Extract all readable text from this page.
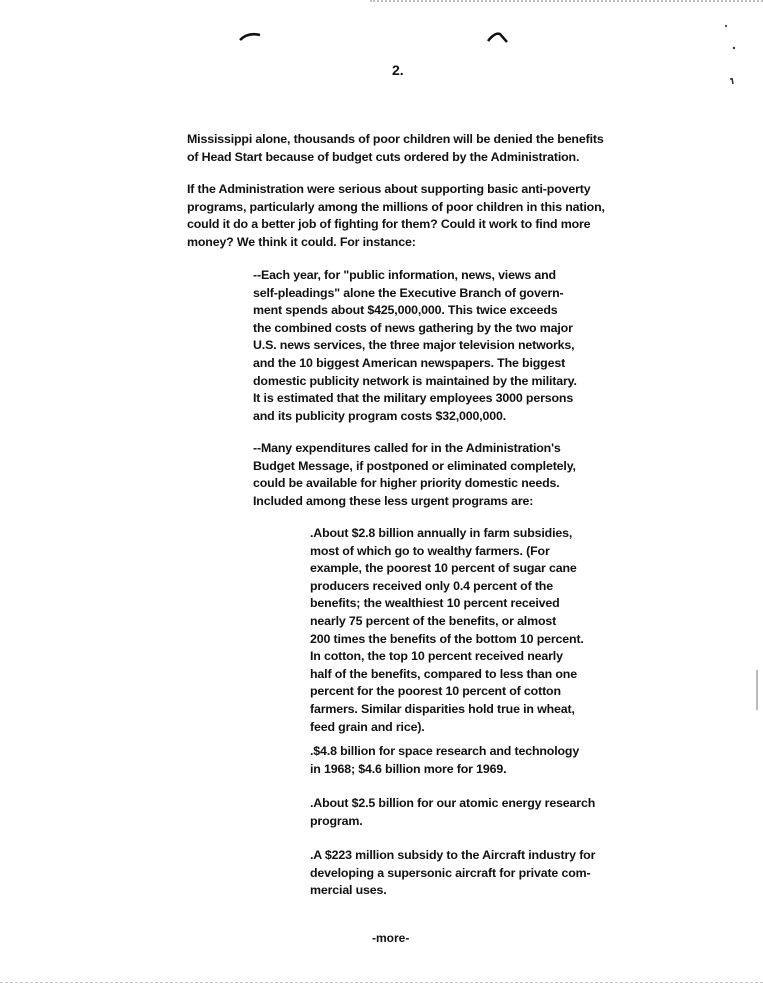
2.

Mississippi alone, thousands of poor children will be denied the benefits
of Head Start because of budget cuts ordered by the Administration.

If the Administration were serious about supporting basic anti-poverty
programs, particularly among the millions of poor children in this nation,
could it do a better job of fighting for them? Could it work to find more
money? We think it could. For instance:

--Each year, for "public information, news, views and
self-pleadings" alone the Executive Branch of govern-
ment spends about $425,000,000. This twice exceeds
the combined costs of news gathering by the two major
U.S. news services, the three major television networks,
and the 10 biggest American newspapers. The biggest
domestic publicity network is maintained by the military.
It is estimated that the military employees 3000 persons
and its publicity program costs $32,000,000.

--Many expenditures called for in the Administration's
Budget Message, if postponed or eliminated completely,
could be available for higher priority domestic needs.
Included among these less urgent programs are:

.About $2.8 billion annually in farm subsidies,
most of which go to wealthy farmers. (For
example, the poorest 10 percent of sugar cane
producers received only 0.4 percent of the
benefits; the wealthiest 10 percent received
nearly 75 percent of the benefits, or almost
200 times the benefits of the bottom 10 percent.
In cotton, the top 10 percent received nearly
half of the benefits, compared to less than one
percent for the poorest 10 percent of cotton
farmers. Similar disparities hold true in wheat,
feed grain and rice).

.$4.8 billion for space research and technology
in 1968; $4.6 billion more for 1969.

.About $2.5 billion for our atomic energy research
program.

.A $223 million subsidy to the Aircraft industry for
developing a supersonic aircraft for private com-
mercial uses.

-more-
